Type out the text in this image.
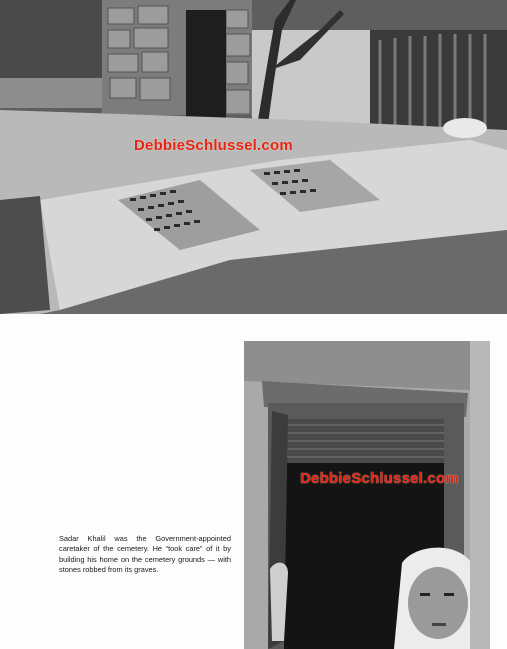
DebbieSchlussel.com
Sadar Khalil was the Government-appointed caretaker of the cemetery. He “took care” of it by building his home on the cemetery grounds — with stones robbed from its graves.
DebbieSchlussel.com
